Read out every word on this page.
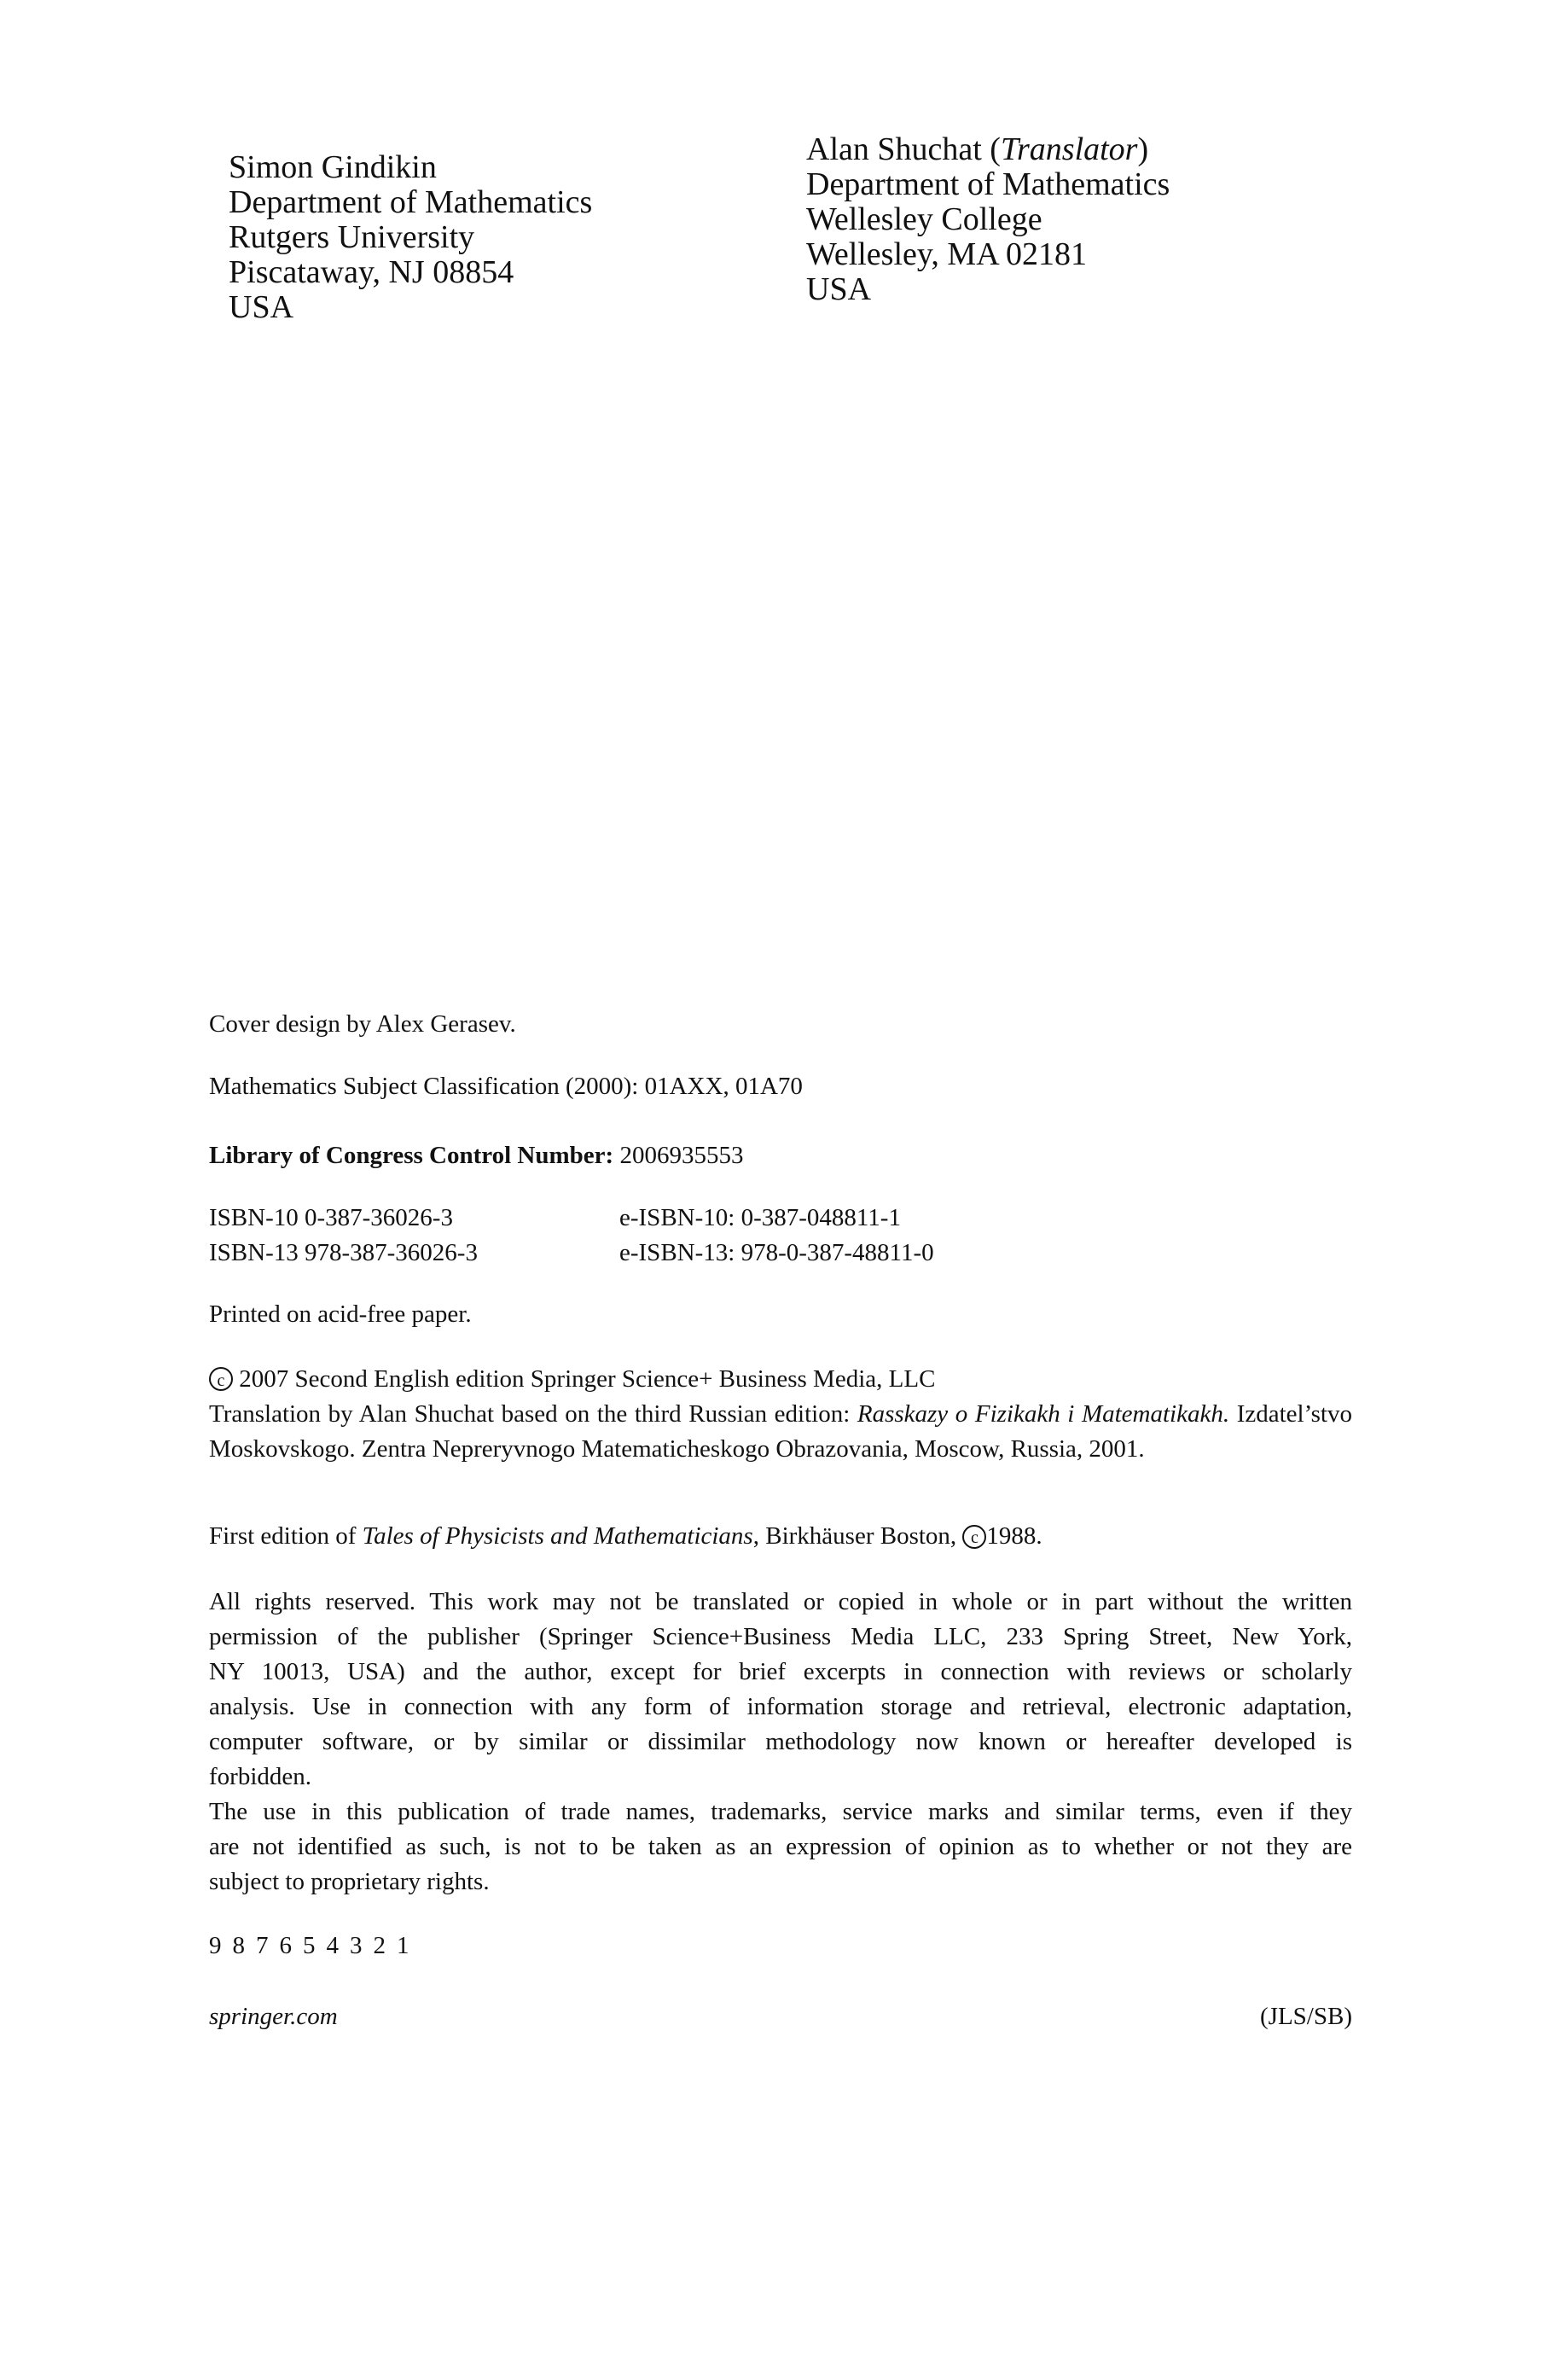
Simon Gindikin
Department of Mathematics
Rutgers University
Piscataway, NJ 08854
USA
Alan Shuchat (Translator)
Department of Mathematics
Wellesley College
Wellesley, MA 02181
USA
Cover design by Alex Gerasev.
Mathematics Subject Classification (2000): 01AXX, 01A70
Library of Congress Control Number: 2006935553
ISBN-10 0-387-36026-3	e-ISBN-10: 0-387-048811-1
ISBN-13 978-387-36026-3	e-ISBN-13: 978-0-387-48811-0
Printed on acid-free paper.
c 2007 Second English edition Springer Science+ Business Media, LLC
Translation by Alan Shuchat based on the third Russian edition: Rasskazy o Fizikakh i Matematikakh. Izdatel’stvo Moskovskogo. Zentra Nepreryvnogo Matematicheskogo Obrazovania, Moscow, Russia, 2001.
First edition of Tales of Physicists and Mathematicians, Birkhäuser Boston, c 1988.
All rights reserved. This work may not be translated or copied in whole or in part without the written
permission of the publisher (Springer Science+Business Media LLC, 233 Spring Street, New York,
NY 10013, USA) and the author, except for brief excerpts in connection with reviews or scholarly
analysis. Use in connection with any form of information storage and retrieval, electronic adaptation,
computer software, or by similar or dissimilar methodology now known or hereafter developed is
forbidden.
The use in this publication of trade names, trademarks, service marks and similar terms, even if they
are not identified as such, is not to be taken as an expression of opinion as to whether or not they are
subject to proprietary rights.
9 8 7 6 5 4 3 2 1
springer.com	(JLS/SB)
